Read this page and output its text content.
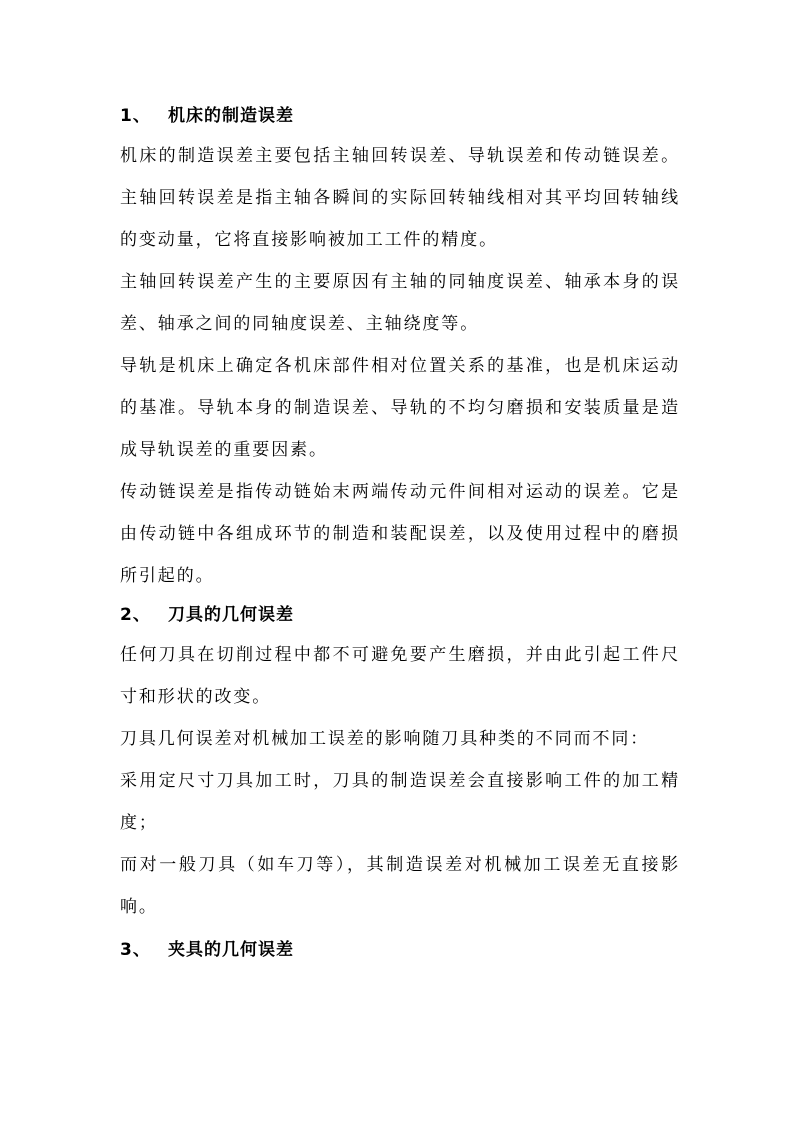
1、 机床的制造误差

机床的制造误差主要包括主轴回转误差、导轨误差和传动链误差。主轴回转误差是指主轴各瞬间的实际回转轴线相对其平均回转轴线的变动量，它将直接影响被加工工件的精度。

主轴回转误差产生的主要原因有主轴的同轴度误差、轴承本身的误差、轴承之间的同轴度误差、主轴绕度等。

导轨是机床上确定各机床部件相对位置关系的基准，也是机床运动的基准。导轨本身的制造误差、导轨的不均匀磨损和安装质量是造成导轨误差的重要因素。

传动链误差是指传动链始末两端传动元件间相对运动的误差。它是由传动链中各组成环节的制造和装配误差，以及使用过程中的磨损所引起的。

2、 刀具的几何误差

任何刀具在切削过程中都不可避免要产生磨损，并由此引起工件尺寸和形状的改变。

刀具几何误差对机械加工误差的影响随刀具种类的不同而不同：

采用定尺寸刀具加工时，刀具的制造误差会直接影响工件的加工精度；

而对一般刀具（如车刀等），其制造误差对机械加工误差无直接影响。

3、 夹具的几何误差
